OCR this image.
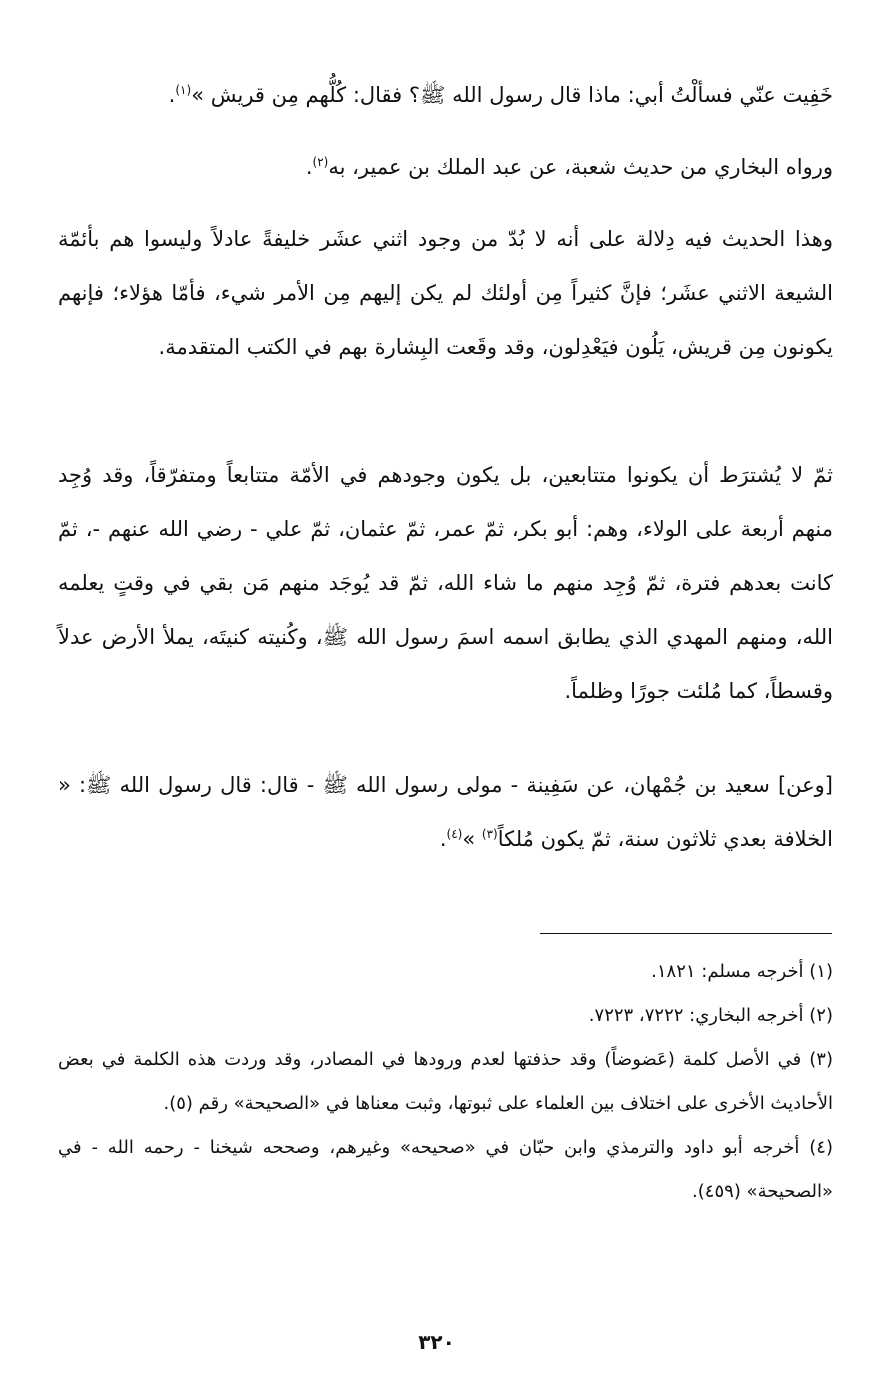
خَفِيت عنّي فسألْتُ أبي: ماذا قال رسول الله ﷺ؟ فقال: كُلُّهم مِن قريش »$^{(١)}$.

ورواه البخاري من حديث شعبة، عن عبد الملك بن عمير، به$^{(٢)}$.

وهذا الحديث فيه دِلالة على أنه لا بُدّ من وجود اثني عشَر خليفةً عادلاً وليسوا هم بأئمّة الشيعة الاثني عشَر؛ فإنَّ كثيراً مِن أولئك لم يكن إليهم مِن الأمر شيء، فأمّا هؤلاء؛ فإنهم يكونون مِن قريش، يَلُون فيَعْدِلون، وقد وقَعت البِشارة بهم في الكتب المتقدمة.

ثمّ لا يُشترَط أن يكونوا متتابعين، بل يكون وجودهم في الأمّة متتابعاً ومتفرّقاً، وقد وُجِد منهم أربعة على الولاء، وهم: أبو بكر، ثمّ عمر، ثمّ عثمان، ثمّ علي - رضي الله عنهم -، ثمّ كانت بعدهم فترة، ثمّ وُجِد منهم ما شاء الله، ثمّ قد يُوجَد منهم مَن بقي في وقتٍ يعلمه الله، ومنهم المهدي الذي يطابق اسمه اسمَ رسول الله ﷺ، وكُنيته كنيتَه، يملأ الأرض عدلاً وقسطاً، كما مُلئت جورًا وظلماً.

[وعن] سعيد بن جُمْهان، عن سَفِينة - مولى رسول الله ﷺ - قال: قال رسول الله ﷺ: « الخلافة بعدي ثلاثون سنة، ثمّ يكون مُلكاً$^{(٣)}$ »$^{(٤)}$.

(١) أخرجه مسلم: ١٨٢١.

(٢) أخرجه البخاري: ٧٢٢٢، ٧٢٢٣.

(٣) في الأصل كلمة (عَضوضاً) وقد حذفتها لعدم ورودها في المصادر، وقد وردت هذه الكلمة في بعض الأحاديث الأخرى على اختلاف بين العلماء على ثبوتها، وثبت معناها في «الصحيحة» رقم (٥).

(٤) أخرجه أبو داود والترمذي وابن حبّان في «صحيحه» وغيرهم، وصححه شيخنا - رحمه الله - في «الصحيحة» (٤٥٩).

٣٢٠
